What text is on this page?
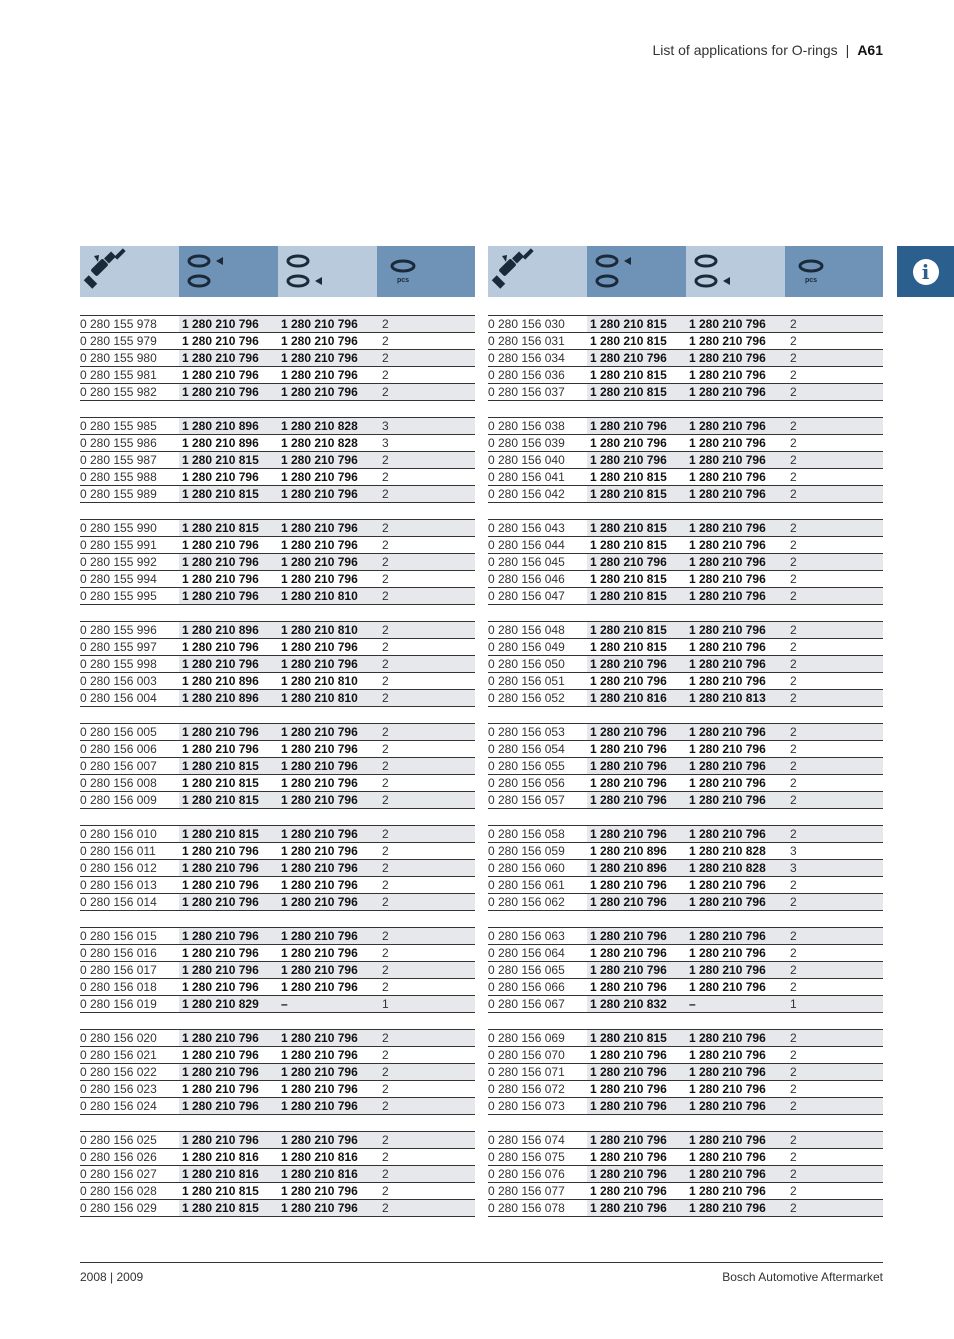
List of applications for O-rings | A61
i
pcs
0 280 155 978	1 280 210 796	1 280 210 796	2
0 280 155 979	1 280 210 796	1 280 210 796	2
0 280 155 980	1 280 210 796	1 280 210 796	2
0 280 155 981	1 280 210 796	1 280 210 796	2
0 280 155 982	1 280 210 796	1 280 210 796	2
0 280 155 985	1 280 210 896	1 280 210 828	3
0 280 155 986	1 280 210 896	1 280 210 828	3
0 280 155 987	1 280 210 815	1 280 210 796	2
0 280 155 988	1 280 210 796	1 280 210 796	2
0 280 155 989	1 280 210 815	1 280 210 796	2
0 280 155 990	1 280 210 815	1 280 210 796	2
0 280 155 991	1 280 210 796	1 280 210 796	2
0 280 155 992	1 280 210 796	1 280 210 796	2
0 280 155 994	1 280 210 796	1 280 210 796	2
0 280 155 995	1 280 210 796	1 280 210 810	2
0 280 155 996	1 280 210 896	1 280 210 810	2
0 280 155 997	1 280 210 796	1 280 210 796	2
0 280 155 998	1 280 210 796	1 280 210 796	2
0 280 156 003	1 280 210 896	1 280 210 810	2
0 280 156 004	1 280 210 896	1 280 210 810	2
0 280 156 005	1 280 210 796	1 280 210 796	2
0 280 156 006	1 280 210 796	1 280 210 796	2
0 280 156 007	1 280 210 815	1 280 210 796	2
0 280 156 008	1 280 210 815	1 280 210 796	2
0 280 156 009	1 280 210 815	1 280 210 796	2
0 280 156 010	1 280 210 815	1 280 210 796	2
0 280 156 011	1 280 210 796	1 280 210 796	2
0 280 156 012	1 280 210 796	1 280 210 796	2
0 280 156 013	1 280 210 796	1 280 210 796	2
0 280 156 014	1 280 210 796	1 280 210 796	2
0 280 156 015	1 280 210 796	1 280 210 796	2
0 280 156 016	1 280 210 796	1 280 210 796	2
0 280 156 017	1 280 210 796	1 280 210 796	2
0 280 156 018	1 280 210 796	1 280 210 796	2
0 280 156 019	1 280 210 829	–	1
0 280 156 020	1 280 210 796	1 280 210 796	2
0 280 156 021	1 280 210 796	1 280 210 796	2
0 280 156 022	1 280 210 796	1 280 210 796	2
0 280 156 023	1 280 210 796	1 280 210 796	2
0 280 156 024	1 280 210 796	1 280 210 796	2
0 280 156 025	1 280 210 796	1 280 210 796	2
0 280 156 026	1 280 210 816	1 280 210 816	2
0 280 156 027	1 280 210 816	1 280 210 816	2
0 280 156 028	1 280 210 815	1 280 210 796	2
0 280 156 029	1 280 210 815	1 280 210 796	2
pcs
0 280 156 030	1 280 210 815	1 280 210 796	2
0 280 156 031	1 280 210 815	1 280 210 796	2
0 280 156 034	1 280 210 796	1 280 210 796	2
0 280 156 036	1 280 210 815	1 280 210 796	2
0 280 156 037	1 280 210 815	1 280 210 796	2
0 280 156 038	1 280 210 796	1 280 210 796	2
0 280 156 039	1 280 210 796	1 280 210 796	2
0 280 156 040	1 280 210 796	1 280 210 796	2
0 280 156 041	1 280 210 815	1 280 210 796	2
0 280 156 042	1 280 210 815	1 280 210 796	2
0 280 156 043	1 280 210 815	1 280 210 796	2
0 280 156 044	1 280 210 815	1 280 210 796	2
0 280 156 045	1 280 210 796	1 280 210 796	2
0 280 156 046	1 280 210 815	1 280 210 796	2
0 280 156 047	1 280 210 815	1 280 210 796	2
0 280 156 048	1 280 210 815	1 280 210 796	2
0 280 156 049	1 280 210 815	1 280 210 796	2
0 280 156 050	1 280 210 796	1 280 210 796	2
0 280 156 051	1 280 210 796	1 280 210 796	2
0 280 156 052	1 280 210 816	1 280 210 813	2
0 280 156 053	1 280 210 796	1 280 210 796	2
0 280 156 054	1 280 210 796	1 280 210 796	2
0 280 156 055	1 280 210 796	1 280 210 796	2
0 280 156 056	1 280 210 796	1 280 210 796	2
0 280 156 057	1 280 210 796	1 280 210 796	2
0 280 156 058	1 280 210 796	1 280 210 796	2
0 280 156 059	1 280 210 896	1 280 210 828	3
0 280 156 060	1 280 210 896	1 280 210 828	3
0 280 156 061	1 280 210 796	1 280 210 796	2
0 280 156 062	1 280 210 796	1 280 210 796	2
0 280 156 063	1 280 210 796	1 280 210 796	2
0 280 156 064	1 280 210 796	1 280 210 796	2
0 280 156 065	1 280 210 796	1 280 210 796	2
0 280 156 066	1 280 210 796	1 280 210 796	2
0 280 156 067	1 280 210 832	–	1
0 280 156 069	1 280 210 815	1 280 210 796	2
0 280 156 070	1 280 210 796	1 280 210 796	2
0 280 156 071	1 280 210 796	1 280 210 796	2
0 280 156 072	1 280 210 796	1 280 210 796	2
0 280 156 073	1 280 210 796	1 280 210 796	2
0 280 156 074	1 280 210 796	1 280 210 796	2
0 280 156 075	1 280 210 796	1 280 210 796	2
0 280 156 076	1 280 210 796	1 280 210 796	2
0 280 156 077	1 280 210 796	1 280 210 796	2
0 280 156 078	1 280 210 796	1 280 210 796	2
2008 | 2009	Bosch Automotive Aftermarket
